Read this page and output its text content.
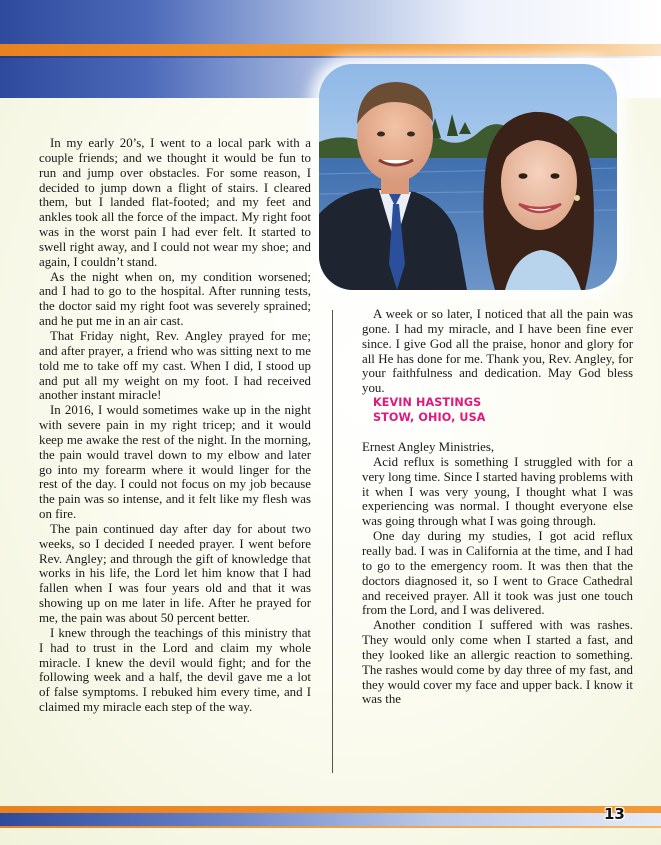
In my early 20’s, I went to a local park with a couple friends; and we thought it would be fun to run and jump over obstacles. For some reason, I decided to jump down a flight of stairs. I cleared them, but I landed flat-footed; and my feet and ankles took all the force of the impact. My right foot was in the worst pain I had ever felt. It started to swell right away, and I could not wear my shoe; and again, I couldn’t stand.

As the night when on, my condition worsened; and I had to go to the hospital. After running tests, the doctor said my right foot was severely sprained; and he put me in an air cast.

That Friday night, Rev. Angley prayed for me; and after prayer, a friend who was sitting next to me told me to take off my cast. When I did, I stood up and put all my weight on my foot. I had received another instant miracle!

In 2016, I would sometimes wake up in the night with severe pain in my right tricep; and it would keep me awake the rest of the night. In the morning, the pain would travel down to my elbow and later go into my forearm where it would linger for the rest of the day. I could not focus on my job because the pain was so intense, and it felt like my flesh was on fire.

The pain continued day after day for about two weeks, so I decided I needed prayer. I went before Rev. Angley; and through the gift of knowledge that works in his life, the Lord let him know that I had fallen when I was four years old and that it was showing up on me later in life. After he prayed for me, the pain was about 50 percent better.

I knew through the teachings of this ministry that I had to trust in the Lord and claim my whole miracle. I knew the devil would fight; and for the following week and a half, the devil gave me a lot of false symptoms. I rebuked him every time, and I claimed my miracle each step of the way.

A week or so later, I noticed that all the pain was gone. I had my miracle, and I have been fine ever since. I give God all the praise, honor and glory for all He has done for me. Thank you, Rev. Angley, for your faithfulness and dedication. May God bless you.

KEVIN HASTINGS

STOW, OHIO, USA

Ernest Angley Ministries,

Acid reflux is something I struggled with for a very long time. Since I started having problems with it when I was very young, I thought what I was experiencing was normal. I thought everyone else was going through what I was going through.

One day during my studies, I got acid reflux really bad. I was in California at the time, and I had to go to the emergency room. It was then that the doctors diagnosed it, so I went to Grace Cathedral and received prayer. All it took was just one touch from the Lord, and I was delivered.

Another condition I suffered with was rashes. They would only come when I started a fast, and they looked like an allergic reaction to something. The rashes would come by day three of my fast, and they would cover my face and upper back. I know it was the

13
